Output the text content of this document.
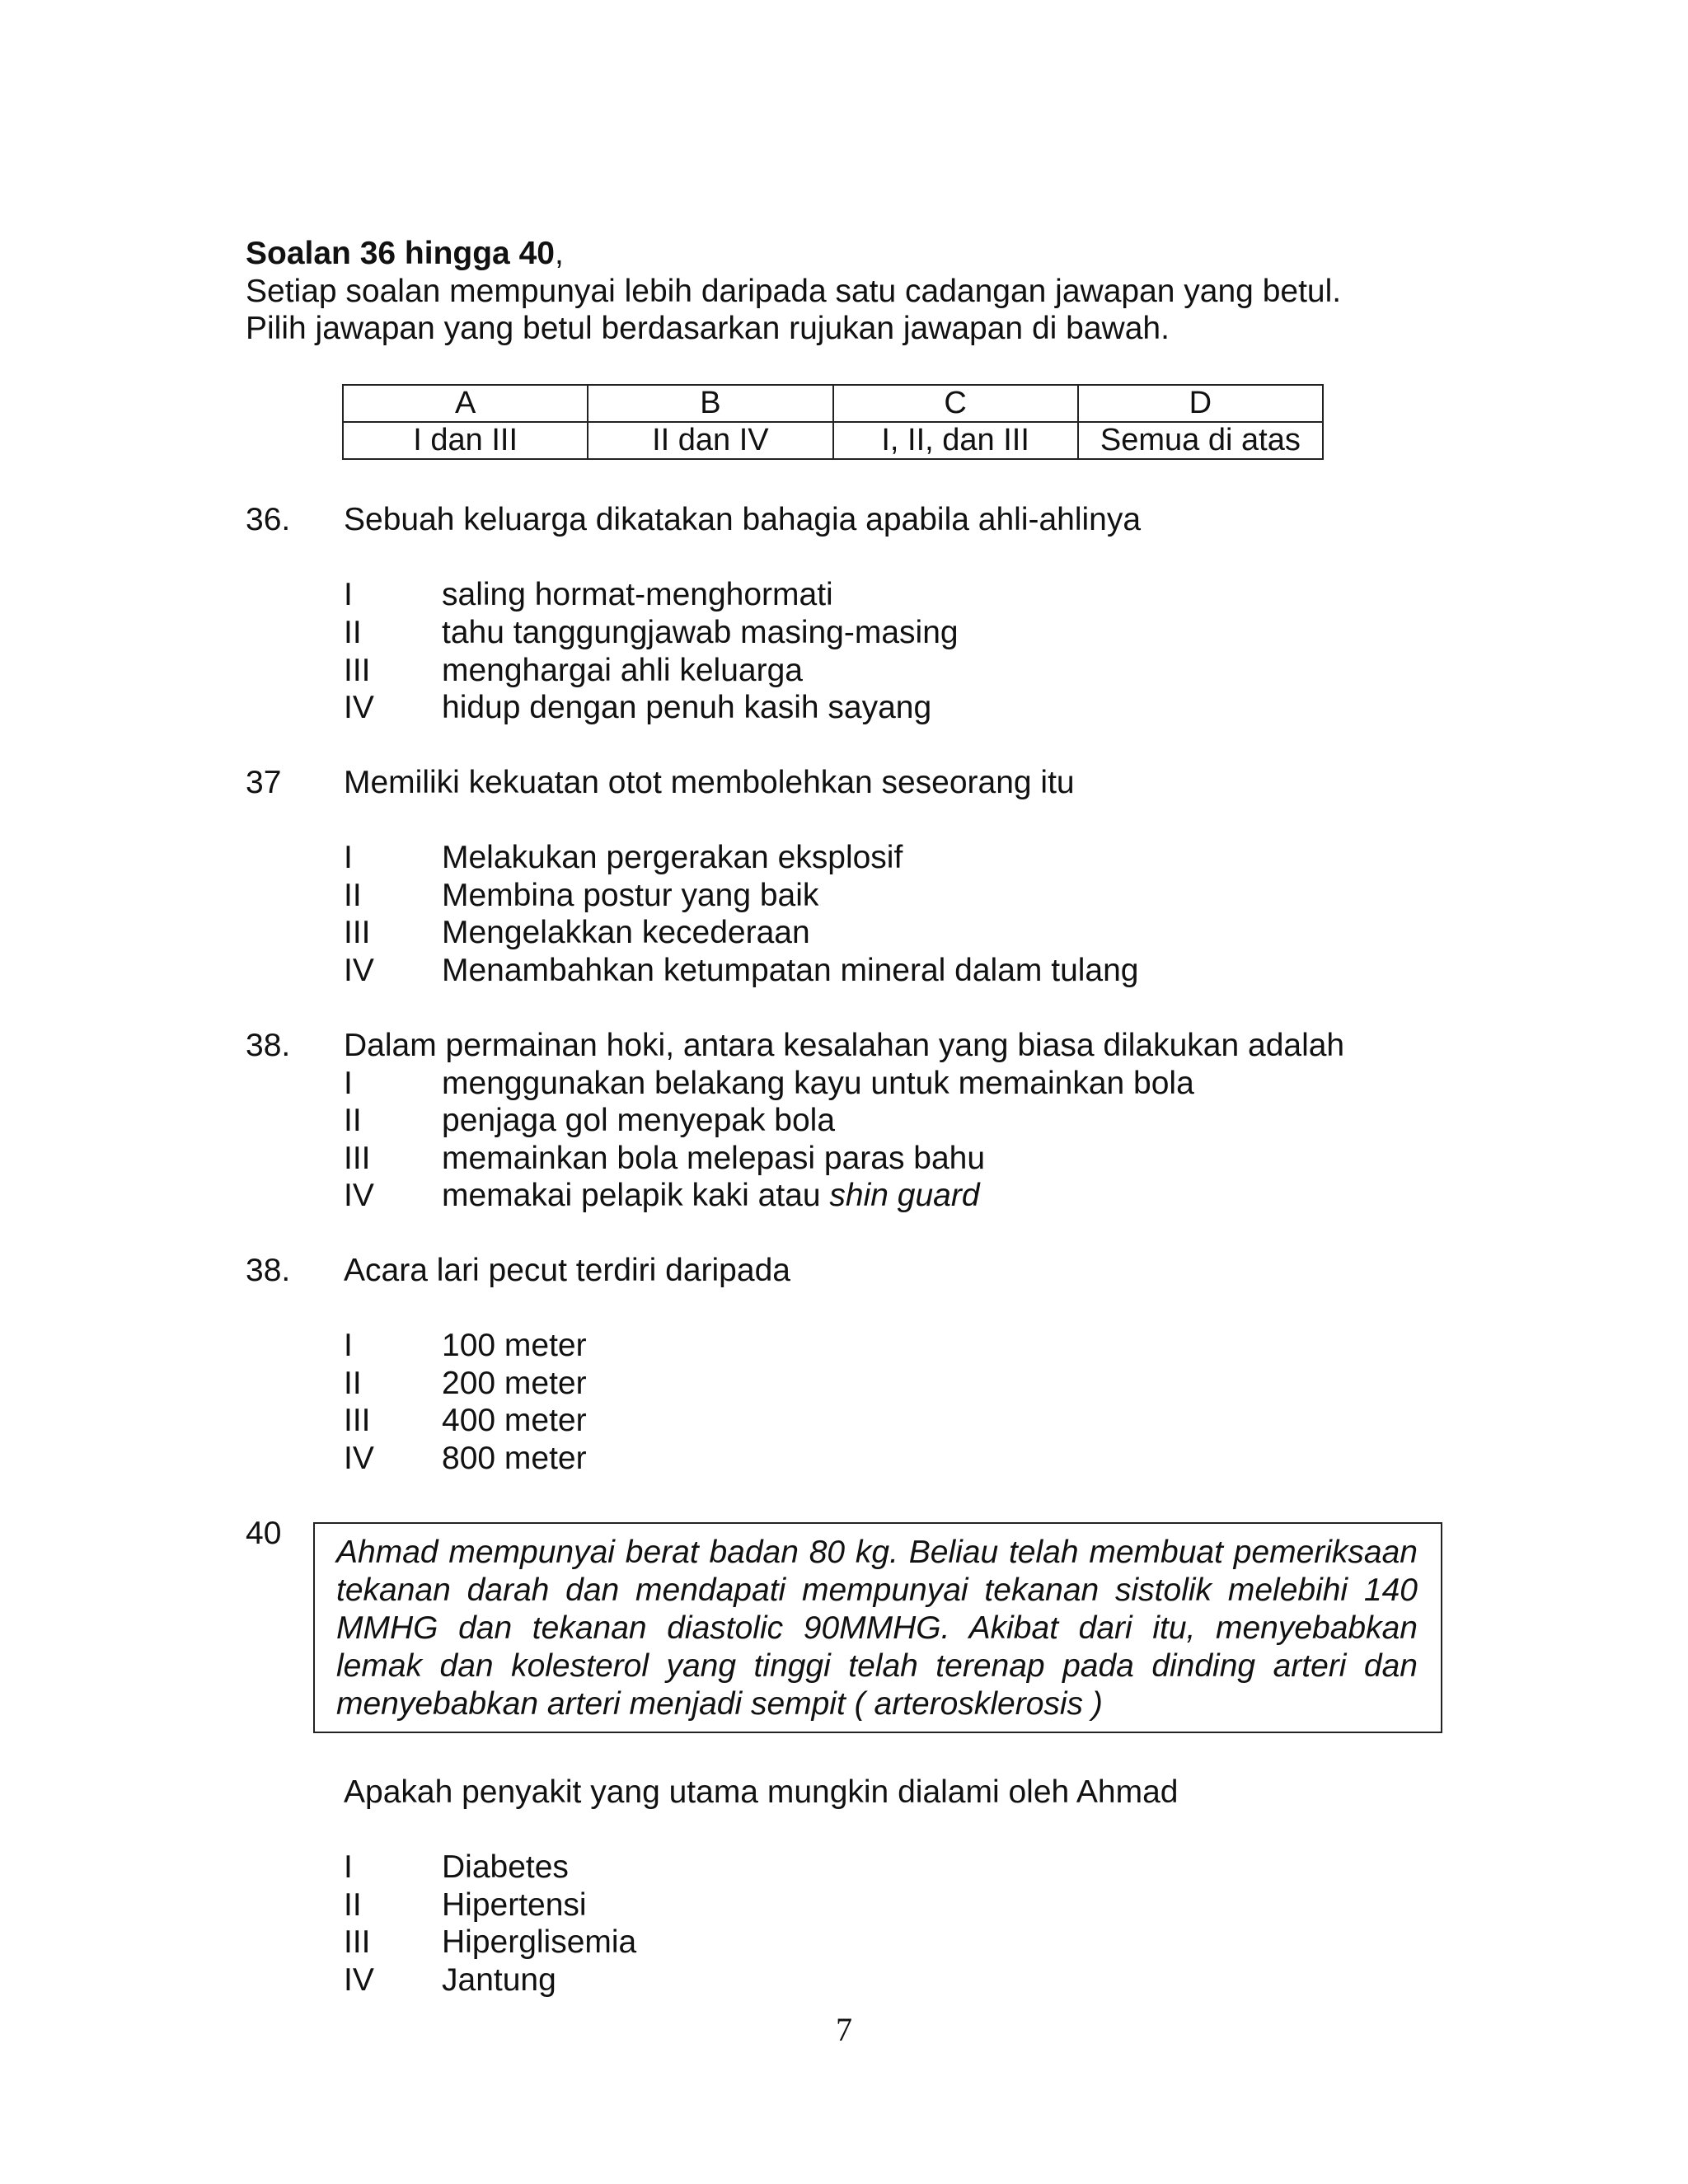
Soalan 36 hingga 40,
Setiap soalan mempunyai lebih daripada satu cadangan jawapan yang betul.
Pilih jawapan yang betul berdasarkan rujukan jawapan di bawah.
A	B	C	D
I dan III	II dan IV	I, II, dan III	Semua di atas
36. Sebuah keluarga dikatakan bahagia apabila ahli-ahlinya
I	saling hormat-menghormati
II	tahu tanggungjawab masing-masing
III	menghargai ahli keluarga
IV	hidup dengan penuh kasih sayang
37 Memiliki kekuatan otot membolehkan seseorang itu
I	Melakukan pergerakan eksplosif
II	Membina postur yang baik
III	Mengelakkan kecederaan
IV	Menambahkan ketumpatan mineral dalam tulang
38. Dalam permainan hoki, antara kesalahan yang biasa dilakukan adalah
I	menggunakan belakang kayu untuk memainkan bola
II	penjaga gol menyepak bola
III	memainkan bola melepasi paras bahu
IV	memakai pelapik kaki atau shin guard
38. Acara lari pecut terdiri daripada
I	100 meter
II	200 meter
III	400 meter
IV	800 meter
40
Ahmad mempunyai berat badan 80 kg. Beliau telah membuat pemeriksaan
tekanan darah dan mendapati mempunyai tekanan sistolik melebihi 140
MMHG dan tekanan diastolic 90MMHG. Akibat dari itu, menyebabkan
lemak dan kolesterol yang tinggi telah terenap pada dinding arteri dan
menyebabkan arteri menjadi sempit ( arterosklerosis )
Apakah penyakit yang utama mungkin dialami oleh Ahmad
I	Diabetes
II	Hipertensi
III	Hiperglisemia
IV	Jantung
7
